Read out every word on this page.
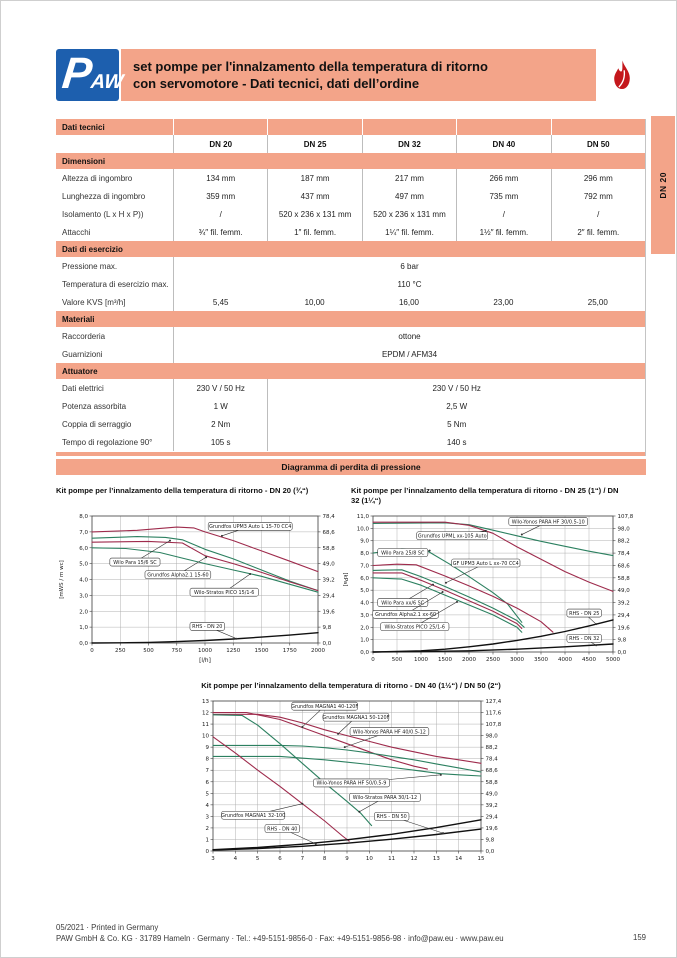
PAW
set pompe per l'innalzamento della temperatura di ritorno
con servomotore - Dati tecnici, dati dell’ordine
Dati tecnici
DN 20	DN 25	DN 32	DN 40	DN 50
Dimensioni
Altezza di ingombro	134 mm	187 mm	217 mm	266 mm	296 mm
Lunghezza di ingombro	359 mm	437 mm	497 mm	735 mm	792 mm
Isolamento (L x H x P))	/	520 x 236 x 131 mm	520 x 236 x 131 mm	/	/
Attacchi	¾″ fil. femm.	1″ fil. femm.	1¼″ fil. femm.	1½″ fil. femm.	2″ fil. femm.
Dati di esercizio
Pressione max.	6 bar
Temperatura di esercizio max.	110 °C
Valore KVS [m³/h]	5,45	10,00	16,00	23,00	25,00
Materiali
Raccorderia	ottone
Guarnizioni	EPDM / AFM34
Attuatore
Dati elettrici	230 V / 50 Hz	230 V / 50 Hz
Potenza assorbita	1 W	2,5 W
Coppia di serraggio	2 Nm	5 Nm
Tempo di regolazione 90°	105 s	140 s
Diagramma di perdita di pressione
Kit pompe per l’innalzamento della temperatura di ritorno - DN 20 (¾“)
0,0	0,0
1,0	9,8
2,0	19,6
3,0	29,4
4,0	39,2
5,0	49,0
6,0	58,8
7,0	68,6
8,0	78,4
0	250	500	750	1000	1250	1500	1750	2000
[l/h]
[mWS / m wc]	[kPa]
Grundfos UPM3 Auto L 15-70 CC4
Wilo Para 15/6 SC
Grundfos Alpha2.1 15-60
Wilo-Stratos PICO 15/1-6
RHS - DN 20
Kit pompe per l’innalzamento della temperatura di ritorno - DN 25 (1“) / DN 32 (1¼“)
0,0	0,0
1,0	9,8
2,0	19,6
3,0	29,4
4,0	39,2
5,0	49,0
6,0	58,8
7,0	68,6
8,0	78,4
9,0	88,2
10,0	98,0
11,0	107,8
0	500 1000 1500 2000 2500 3000 3500 4000 4500 5000
Wilo-Yonos PARA HF 30/0.5-10
Grundfos UPML xx-105 Auto
Wilo Para 25/8 SC
GF UPM3 Auto L xx-70 CC4
Wilo Para xx/6 SC
Grundfos Alpha2.1 xx-60
Wilo-Stratos PICO 25/1-6
RHS - DN 25
RHS - DN 32
Kit pompe per l’innalzamento della temperatura di ritorno - DN 40 (1½“) / DN 50 (2“)
0	0,0
1	9,8
2	19,6
3	29,4
4	39,2
5	49,0
6	58,8
7	68,6
8	78,4
9	88,2
10	98,0
11	107,8
12	117,6
13	127,4
3	4	5	6	7	8	9	10	11	12	13	14	15
Grundfos MAGNA1 40-120F
Grundfos MAGNA1 50-120F
Wilo-Yonos PARA HF 40/0.5-12
Wilo-Yonos PARA HF 50/0.5-9
Wilo-Stratos PARA 30/1-12
Grundfos MAGNA1 32-100	RHS - DN 50
RHS - DN 40
DN 20
05/2021 · Printed in Germany
PAW GmbH & Co. KG · 31789 Hameln · Germany · Tel.: +49-5151-9856-0 · Fax: +49-5151-9856-98 · info@paw.eu · www.paw.eu	159
